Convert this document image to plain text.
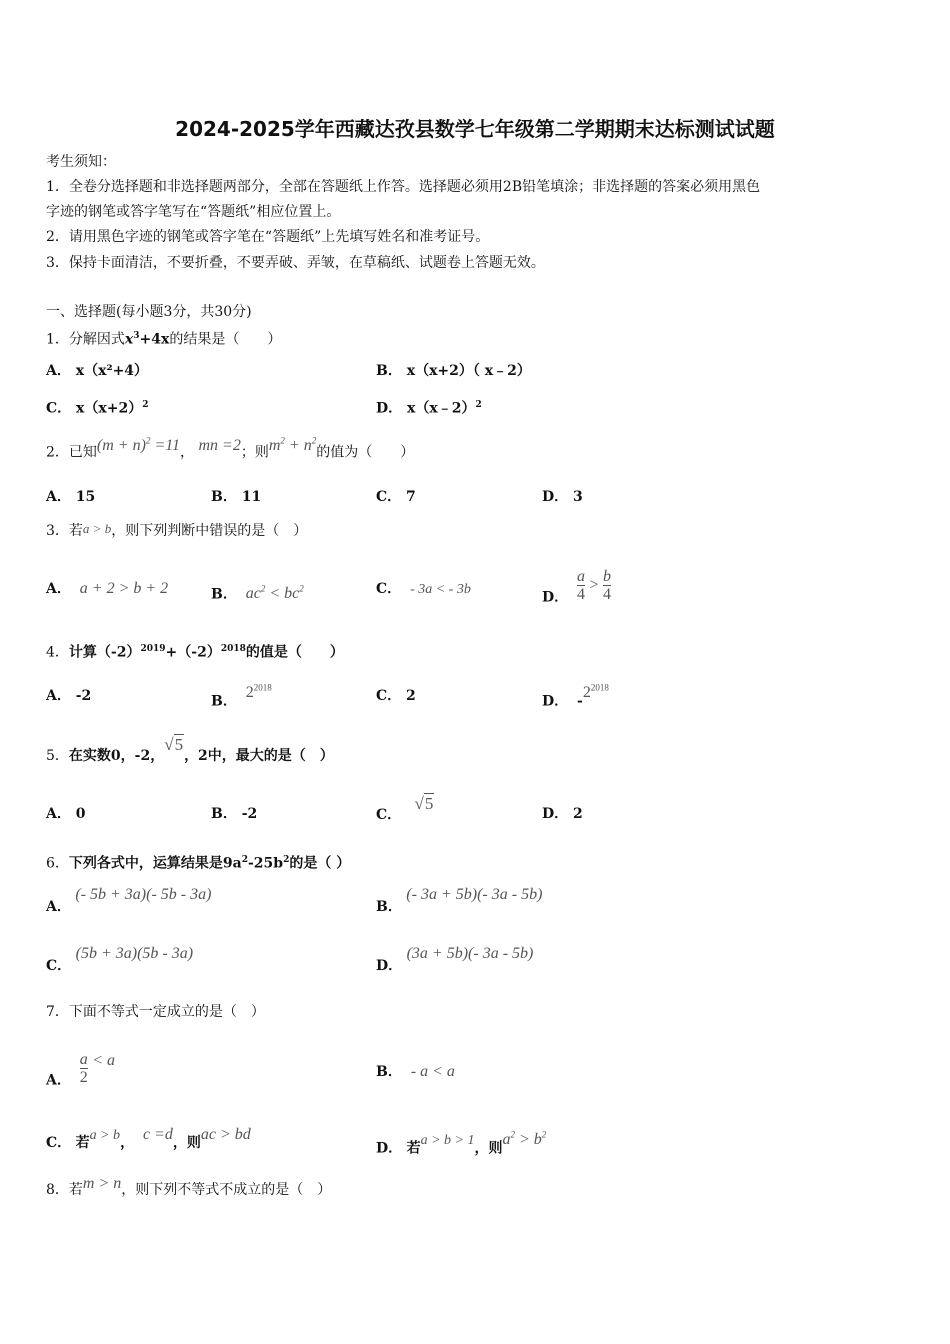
2024-2025学年西藏达孜县数学七年级第二学期期末达标测试试题
考生须知：
1．全卷分选择题和非选择题两部分，全部在答题纸上作答。选择题必须用2B铅笔填涂；非选择题的答案必须用黑色
字迹的钢笔或答字笔写在“答题纸”相应位置上。
2．请用黑色字迹的钢笔或答字笔在“答题纸”上先填写姓名和准考证号。
3．保持卡面清洁，不要折叠，不要弄破、弄皱，在草稿纸、试题卷上答题无效。
一、选择题(每小题3分，共30分)
1．分解因式$x^3+4x$的结果是（　　）
A． x（x²+4）	B． x（x+2）（ x﹣2）
C． $x(x+2)^2$	D． x（x﹣2）$^2$
2．已知$(m + n)^2 =11$， mn =2；则$m^2 + n^2$的值为（　　）
A． 15	B． 11	C． 7	D． 3
3．若a > b，则下列判断中错误的是（　）
A． a + 2 > b + 2	B． $ac^2 < bc^2$	C． - 3a < - 3b	D． $\frac{a}{4} > \frac{b}{4}$
4．计算$(-2)^{2019}+(-2)^{2018}$的值是（　　）
A． -2	B． $2^{2018}$	C． 2	D． $-2^{2018}$
5．在实数0，-2，√5，2中，最大的是（　）
A． 0	B． -2	C．   √5
D． 2
6．下列各式中，运算结果是$9a^2-25b^2$的是（ ）
A． (- 5b + 3a)(- 5b - 3a)
B． (- 3a + 5b)(- 3a - 5b)
C． (5b + 3a)(5b - 3a)
D． (3a + 5b)(- 3a - 5b)
7．下面不等式一定成立的是（　）
A． $\frac{a}{2} < a$
B． - a < a
C． 若a > b， c =d，则ac > bd
D． 若a > b > 1，则$a^2 > b^2$
8．若m > n，则下列不等式不成立的是（　）
